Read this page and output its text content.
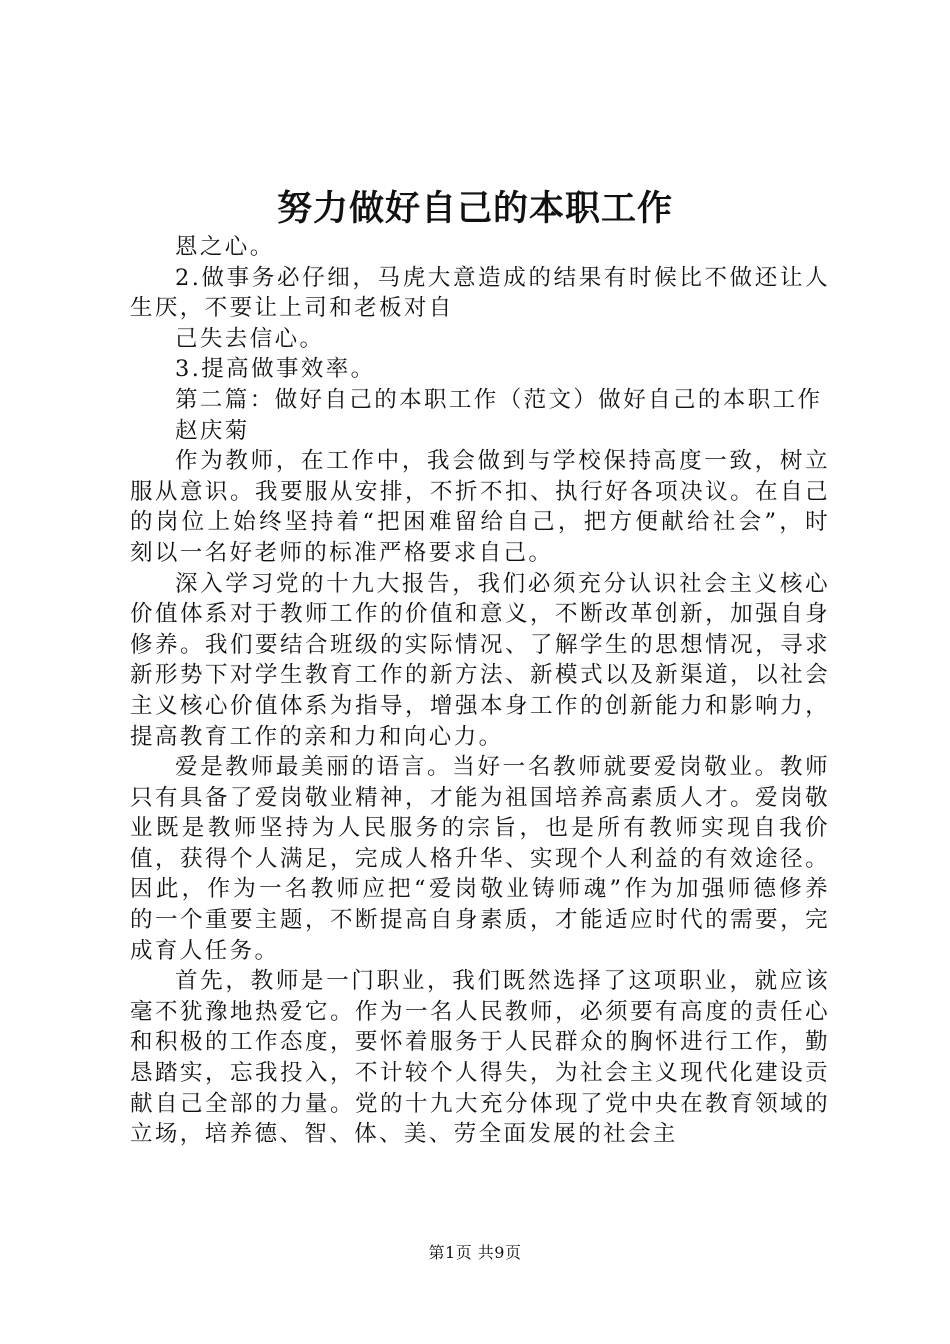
努力做好自己的本职工作

恩之心。

2.做事务必仔细，马虎大意造成的结果有时候比不做还让人生厌，不要让上司和老板对自

己失去信心。

3.提高做事效率。

第二篇：做好自己的本职工作（范文）做好自己的本职工作

赵庆菊

作为教师，在工作中，我会做到与学校保持高度一致，树立服从意识。我要服从安排，不折不扣、执行好各项决议。在自己的岗位上始终坚持着“把困难留给自己，把方便献给社会”，时刻以一名好老师的标准严格要求自己。

深入学习党的十九大报告，我们必须充分认识社会主义核心价值体系对于教师工作的价值和意义，不断改革创新，加强自身修养。我们要结合班级的实际情况、了解学生的思想情况，寻求新形势下对学生教育工作的新方法、新模式以及新渠道，以社会主义核心价值体系为指导，增强本身工作的创新能力和影响力，提高教育工作的亲和力和向心力。

爱是教师最美丽的语言。当好一名教师就要爱岗敬业。教师只有具备了爱岗敬业精神，才能为祖国培养高素质人才。爱岗敬业既是教师坚持为人民服务的宗旨，也是所有教师实现自我价值，获得个人满足，完成人格升华、实现个人利益的有效途径。因此，作为一名教师应把“爱岗敬业铸师魂”作为加强师德修养的一个重要主题，不断提高自身素质，才能适应时代的需要，完成育人任务。

首先，教师是一门职业，我们既然选择了这项职业，就应该毫不犹豫地热爱它。作为一名人民教师，必须要有高度的责任心和积极的工作态度，要怀着服务于人民群众的胸怀进行工作，勤恳踏实，忘我投入，不计较个人得失，为社会主义现代化建设贡献自己全部的力量。党的十九大充分体现了党中央在教育领域的立场，培养德、智、体、美、劳全面发展的社会主

第1页 共9页
